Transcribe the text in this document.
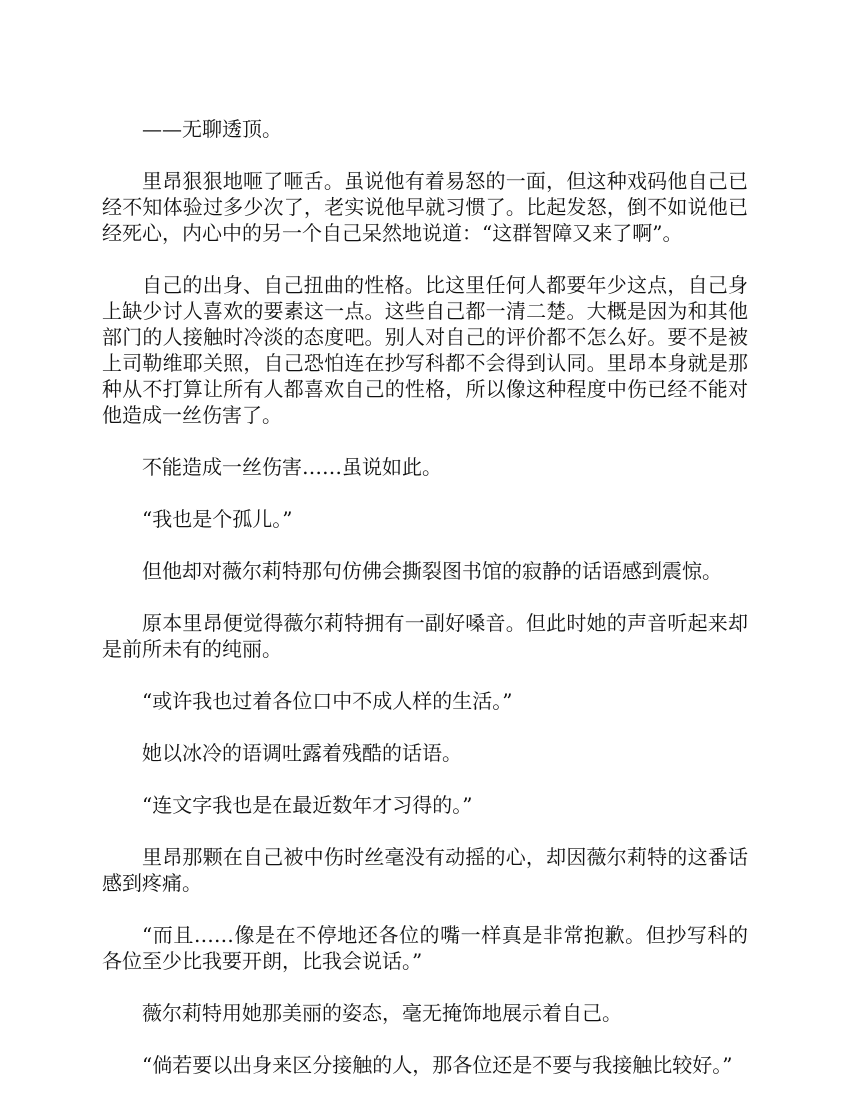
——无聊透顶。

里昂狠狠地咂了咂舌。虽说他有着易怒的一面，但这种戏码他自己已经不知体验过多少次了，老实说他早就习惯了。比起发怒，倒不如说他已经死心，内心中的另一个自己呆然地说道：“这群智障又来了啊”。

自己的出身、自己扭曲的性格。比这里任何人都要年少这点，自己身上缺少讨人喜欢的要素这一点。这些自己都一清二楚。大概是因为和其他部门的人接触时冷淡的态度吧。别人对自己的评价都不怎么好。要不是被上司勒维耶关照，自己恐怕连在抄写科都不会得到认同。里昂本身就是那种从不打算让所有人都喜欢自己的性格，所以像这种程度中伤已经不能对他造成一丝伤害了。

不能造成一丝伤害……虽说如此。

“我也是个孤儿。”

但他却对薇尔莉特那句仿佛会撕裂图书馆的寂静的话语感到震惊。

原本里昂便觉得薇尔莉特拥有一副好嗓音。但此时她的声音听起来却是前所未有的纯丽。

“或许我也过着各位口中不成人样的生活。”

她以冰冷的语调吐露着残酷的话语。

“连文字我也是在最近数年才习得的。”

里昂那颗在自己被中伤时丝毫没有动摇的心，却因薇尔莉特的这番话感到疼痛。

“而且……像是在不停地还各位的嘴一样真是非常抱歉。但抄写科的各位至少比我要开朗，比我会说话。”

薇尔莉特用她那美丽的姿态，毫无掩饰地展示着自己。

“倘若要以出身来区分接触的人，那各位还是不要与我接触比较好。”
